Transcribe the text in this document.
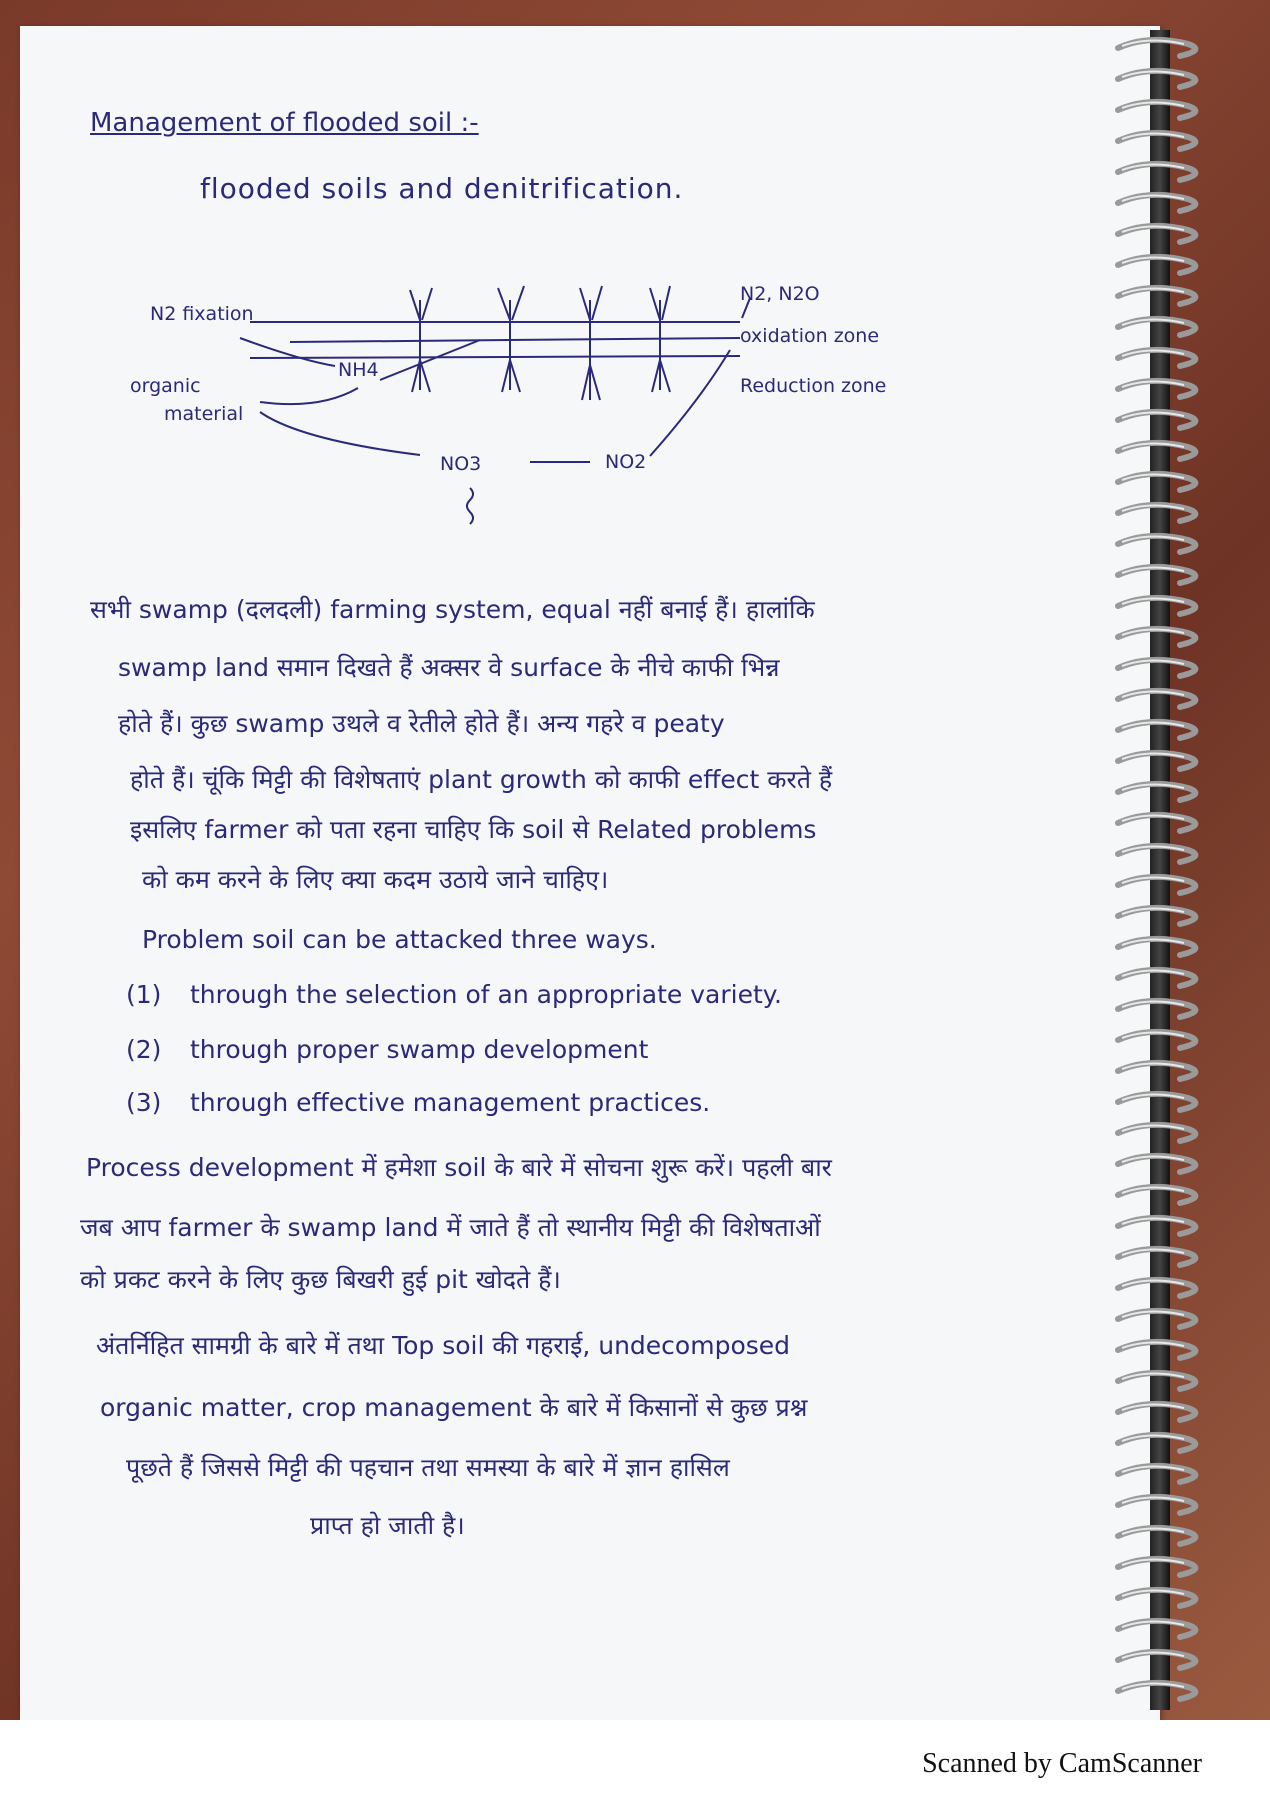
Management of flooded soil :-
flooded soils and denitrification.
N2, N2O
N2 fixation
oxidation zone
NH4
organic
material
Reduction zone
NO3	NO2
सभी swamp (दलदली) farming system, equal नहीं बनाई हैं। हालांकि
swamp land समान दिखते हैं अक्सर वे surface के नीचे काफी भिन्न
होते हैं। कुछ swamp उथले व रेतीले होते हैं। अन्य गहरे व peaty
होते हैं। चूंकि मिट्टी की विशेषताएं plant growth को काफी effect करते हैं
इसलिए farmer को पता रहना चाहिए कि soil से Related problems
को कम करने के लिए क्या कदम उठाये जाने चाहिए।
Problem soil can be attacked three ways.
(1) through the selection of an appropriate variety.
(2) through proper swamp development
(3) through effective management practices.
Process development में हमेशा soil के बारे में सोचना शुरू करें। पहली बार
जब आप farmer के swamp land में जाते हैं तो स्थानीय मिट्टी की विशेषताओं
को प्रकट करने के लिए कुछ बिखरी हुई pit खोदते हैं।
अंतर्निहित सामग्री के बारे में तथा Top soil की गहराई, undecomposed
organic matter, crop management के बारे में किसानों से कुछ प्रश्न
पूछते हैं जिससे मिट्टी की पहचान तथा समस्या के बारे में ज्ञान हासिल
प्राप्त हो जाती है।
Scanned by CamScanner
